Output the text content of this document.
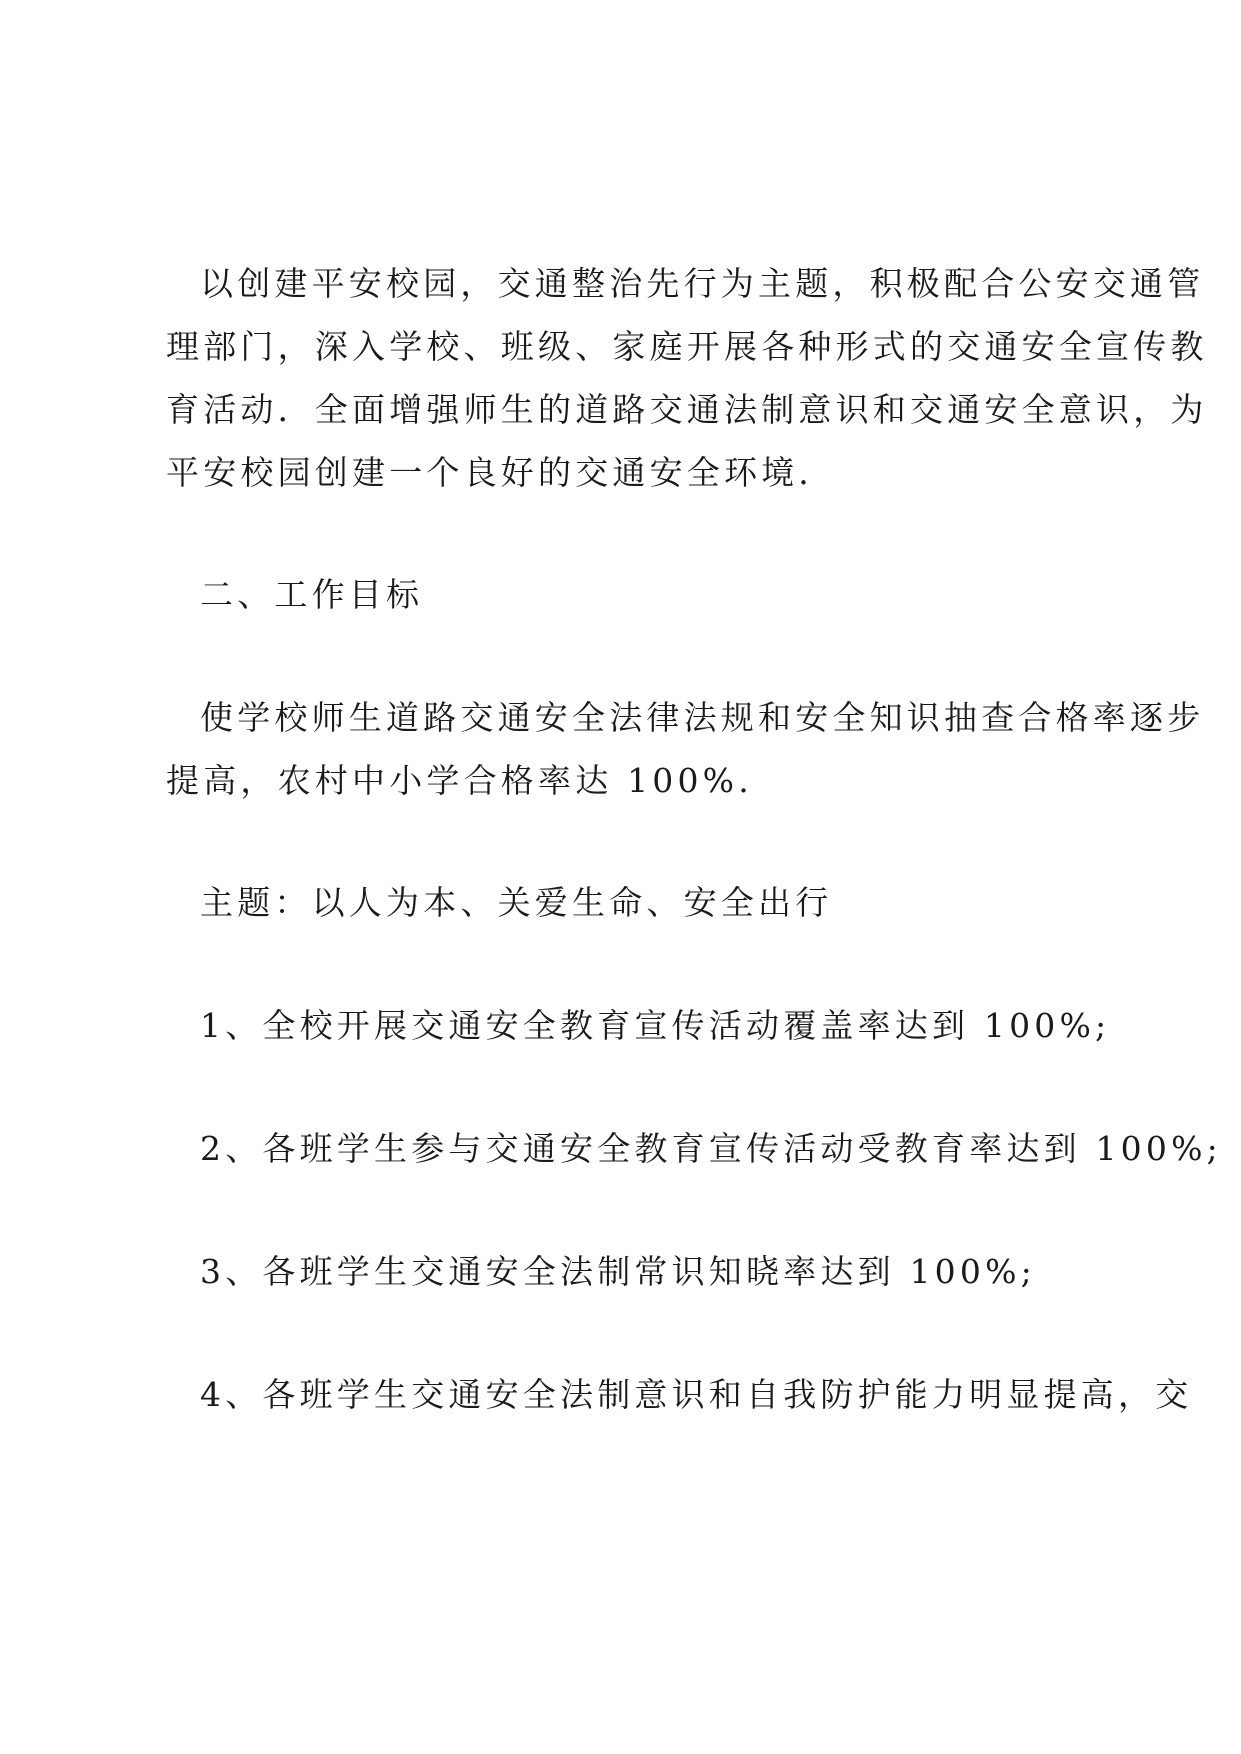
以创建平安校园，交通整治先行为主题，积极配合公安交通管

理部门，深入学校、班级、家庭开展各种形式的交通安全宣传教

育活动．全面增强师生的道路交通法制意识和交通安全意识，为

平安校园创建一个良好的交通安全环境．

二、工作目标

使学校师生道路交通安全法律法规和安全知识抽查合格率逐步

提高，农村中小学合格率达 100%.

主题：以人为本、关爱生命、安全出行

1、全校开展交通安全教育宣传活动覆盖率达到 100%;

2、各班学生参与交通安全教育宣传活动受教育率达到 100%;

3、各班学生交通安全法制常识知晓率达到 100%;

4、各班学生交通安全法制意识和自我防护能力明显提高，交
